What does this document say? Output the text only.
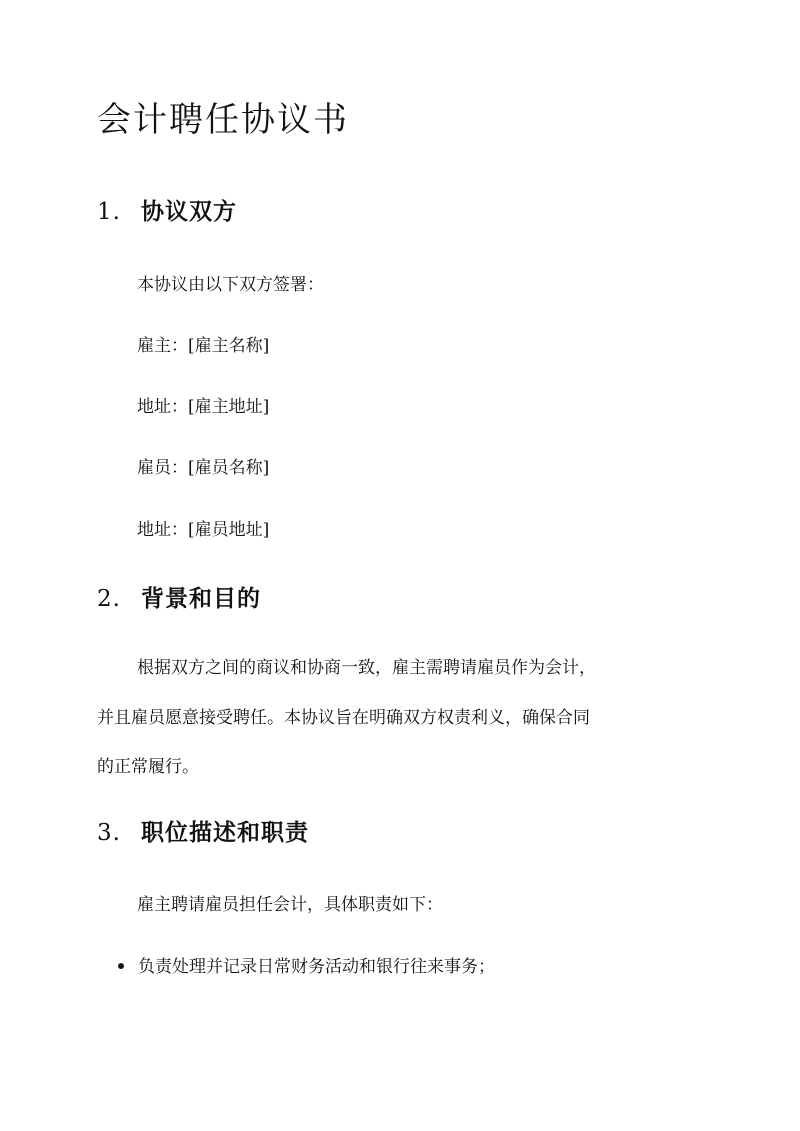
会计聘任协议书
1. 协议双方

本协议由以下双方签署：

雇主：[雇主名称]

地址：[雇主地址]

雇员：[雇员名称]

地址：[雇员地址]

2. 背景和目的

根据双方之间的商议和协商一致，雇主需聘请雇员作为会计，

并且雇员愿意接受聘任。本协议旨在明确双方权责利义，确保合同

的正常履行。

3. 职位描述和职责

雇主聘请雇员担任会计，具体职责如下：

负责处理并记录日常财务活动和银行往来事务；
